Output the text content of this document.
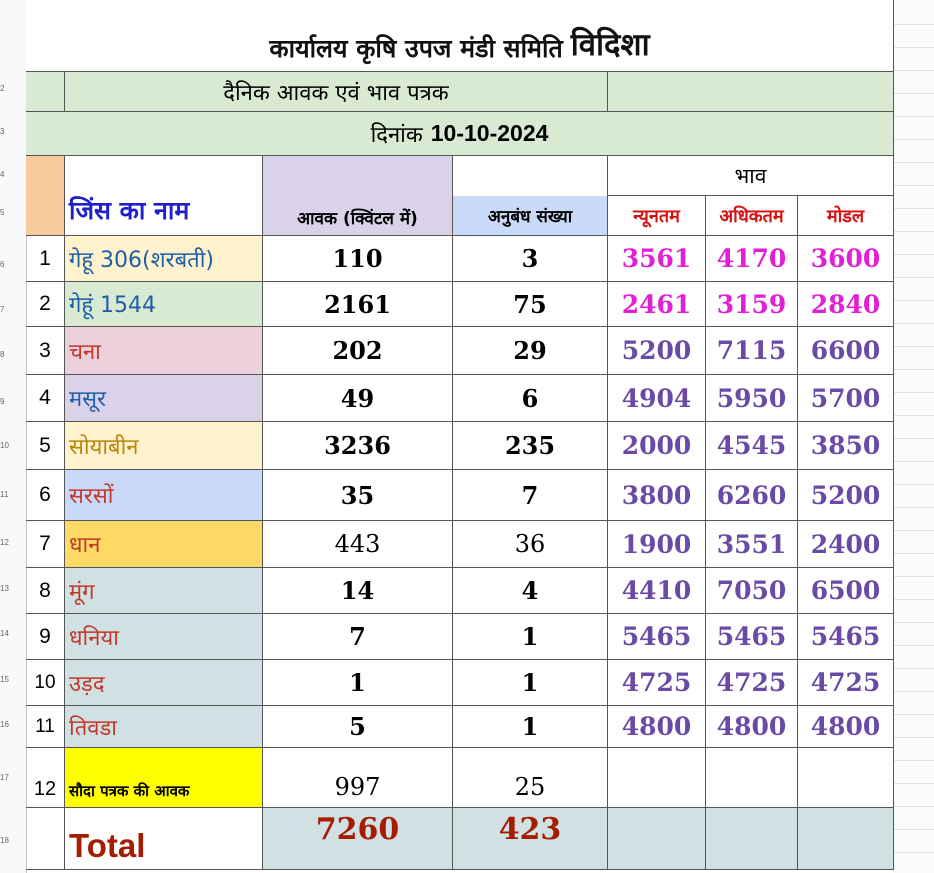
2
3
4
5
6
7
8
9
10
11
12
13
14
15
16
17
18
कार्यालय कृषि उपज मंडी समिति विदिशा
दैनिक आवक एवं भाव पत्रक
दिनांक 10-10-2024
जिंस का नाम	आवक (क्विंटल में)	अनुबंध संख्या
भाव
न्यूनतम अधिकतम मोडल
1 गेहू 306(शरबती)	110	3	3561	4170 3600
2 गेहूं 1544	2161	75	2461	3159 2840
3 चना	202	29	5200	7115 6600
4 मसूर	49	6	4904	5950 5700
5 सोयाबीन	3236	235	2000	4545 3850
6 सरसों	35	7	3800	6260 5200
7 धान	443	36	1900	3551 2400
8 मूंग	14	4	4410	7050 6500
9 धनिया	7	1	5465	5465 5465
10 उड़द	1	1	4725	4725 4725
11 तिवडा	5	1	4800	4800 4800
12 सौदा पत्रक की आवक	997	25
Total	7260	423
